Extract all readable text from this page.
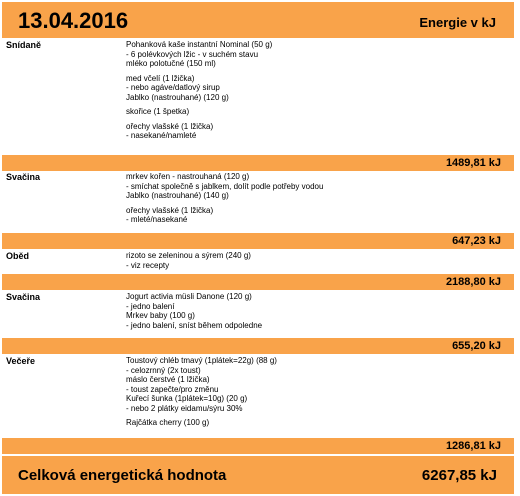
13.04.2016	Energie v kJ
Snídaně	Pohanková kaše instantní Nominal (50 g)
- 6 polévkových lžic - v suchém stavu
mléko polotučné (150 ml)
med včelí (1 lžička)
- nebo agáve/datlový sirup
Jablko (nastrouhané) (120 g)
skořice (1 špetka)
ořechy vlašské (1 lžička)
- nasekané/namleté
1489,81 kJ
Svačina	mrkev kořen - nastrouhaná (120 g)
- smíchat společně s jablkem, dolít podle potřeby vodou
Jablko (nastrouhané) (140 g)
ořechy vlašské (1 lžička)
- mleté/nasekané
647,23 kJ
Oběd	rizoto se zeleninou a sýrem (240 g)
- viz recepty
2188,80 kJ
Svačina	Jogurt activia müsli Danone (120 g)
- jedno balení
Mrkev baby (100 g)
- jedno balení, sníst během odpoledne
655,20 kJ
Večeře	Toustový chléb tmavý (1plátek=22g) (88 g)
- celozrnný (2x toust)
máslo čerstvé (1 lžička)
- toust zapečte/pro změnu
Kuřecí šunka (1plátek=10g) (20 g)
- nebo 2 plátky eidamu/sýru 30%
Rajčátka cherry (100 g)
1286,81 kJ
Celková energetická hodnota	6267,85 kJ
